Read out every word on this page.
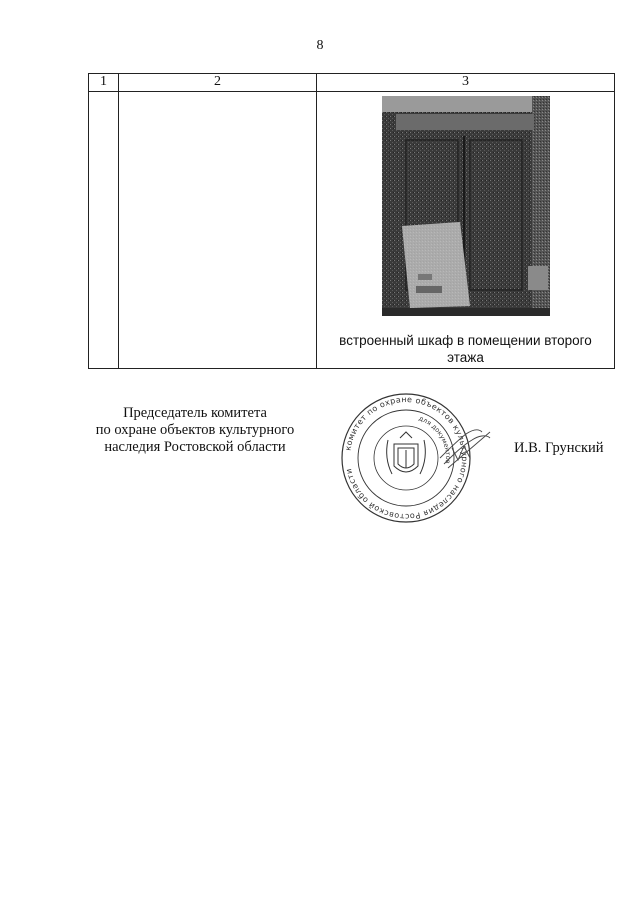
8
1	2	3

		встроенный шкаф в помещении второго
этажа
Председатель комитета
по охране объектов культурного
наследия Ростовской области	комитет по охране объектов культурного наследия Ростовской области
для документов
И.В. Грунский
